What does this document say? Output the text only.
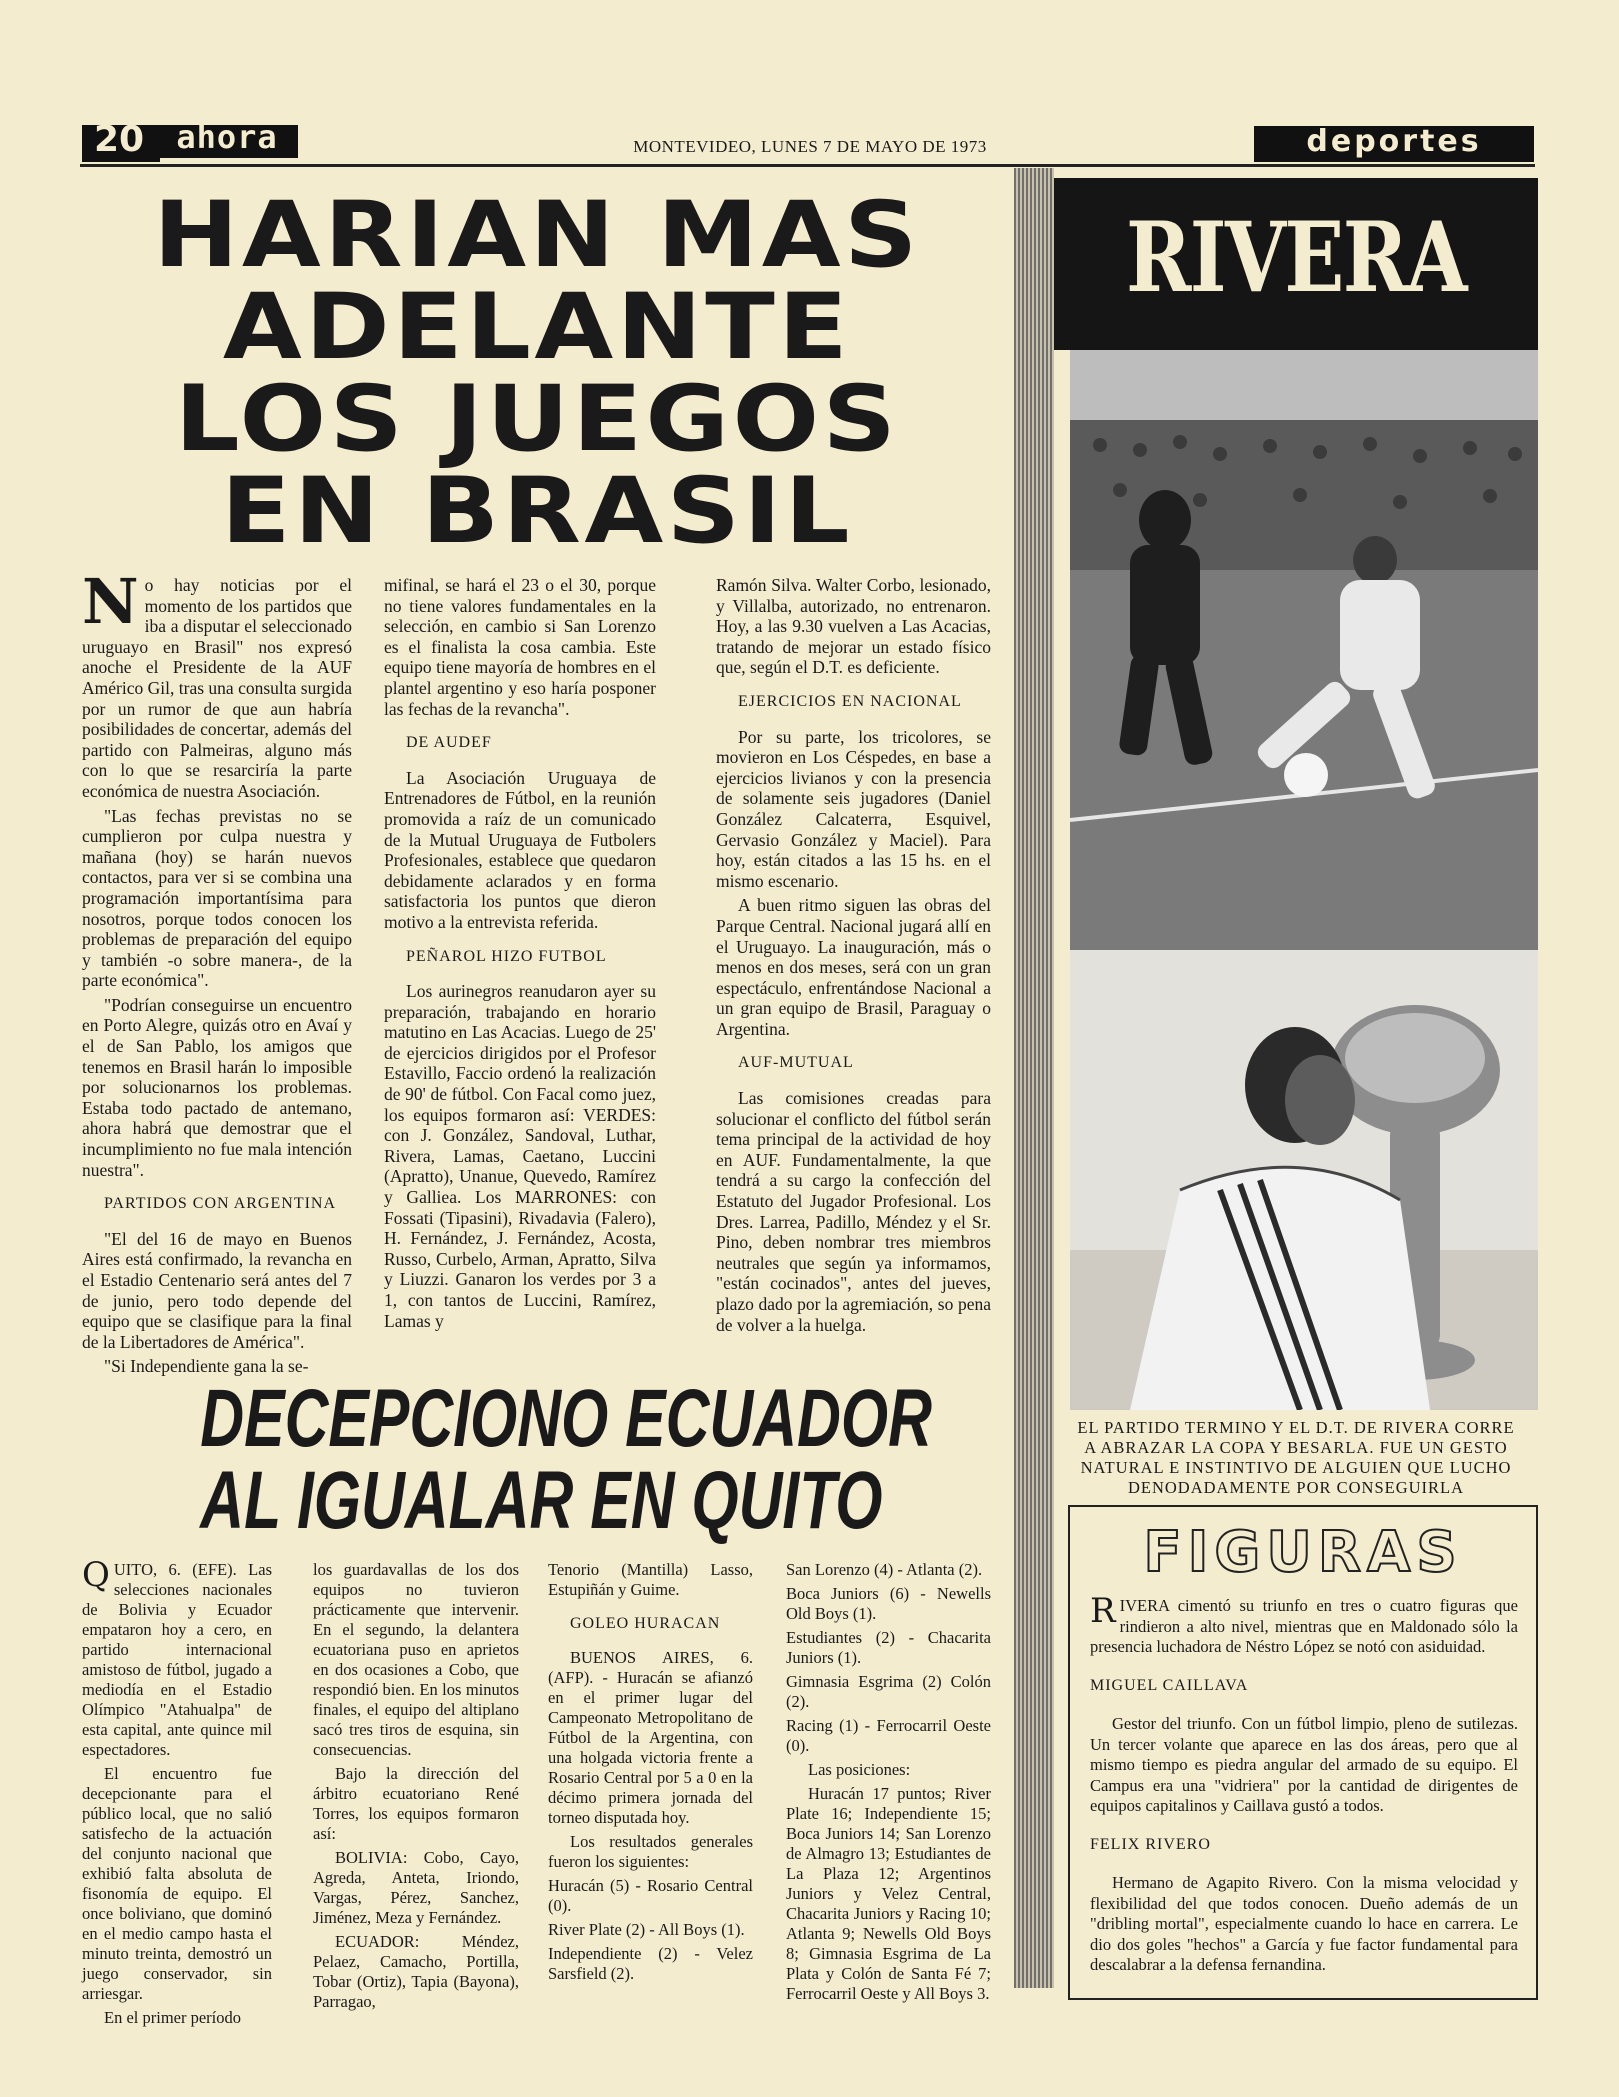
20	ahora	MONTEVIDEO, LUNES 7 DE MAYO DE 1973	deportes
HARIAN MAS
ADELANTE
LOS JUEGOS
EN BRASIL
N o hay noticias por el momento de los partidos que iba a disputar el seleccionado uruguayo en Brasil" nos expresó anoche el Presidente de la AUF Américo Gil, tras una consulta surgida por un rumor de que aun habría posibilidades de concertar, además del partido con Palmeiras, alguno más con lo que se resarciría la parte económica de nuestra Asociación.

"Las fechas previstas no se cumplieron por culpa nuestra y mañana (hoy) se harán nuevos contactos, para ver si se combina una programación importantísima para nosotros, porque todos conocen los problemas de preparación del equipo y también -o sobre manera-, de la parte económica".

"Podrían conseguirse un encuentro en Porto Alegre, quizás otro en Avaí y el de San Pablo, los amigos que tenemos en Brasil harán lo imposible por solucionarnos los problemas. Estaba todo pactado de antemano, ahora habrá que demostrar que el incumplimiento no fue mala intención nuestra".

PARTIDOS CON ARGENTINA

"El del 16 de mayo en Buenos Aires está confirmado, la revancha en el Estadio Centenario será antes del 7 de junio, pero todo depende del equipo que se clasifique para la final de la Libertadores de América".

"Si Independiente gana la se-

mifinal, se hará el 23 o el 30, porque no tiene valores fundamentales en la selección, en cambio si San Lorenzo es el finalista la cosa cambia. Este equipo tiene mayoría de hombres en el plantel argentino y eso haría posponer las fechas de la revancha".

DE AUDEF

La Asociación Uruguaya de Entrenadores de Fútbol, en la reunión promovida a raíz de un comunicado de la Mutual Uruguaya de Futbolers Profesionales, establece que quedaron debidamente aclarados y en forma satisfactoria los puntos que dieron motivo a la entrevista referida.

PEÑAROL HIZO FUTBOL

Los aurinegros reanudaron ayer su preparación, trabajando en horario matutino en Las Acacias. Luego de 25' de ejercicios dirigidos por el Profesor Estavillo, Faccio ordenó la realización de 90' de fútbol. Con Facal como juez, los equipos formaron así: VERDES: con J. González, Sandoval, Luthar, Rivera, Lamas, Caetano, Luccini (Apratto), Unanue, Quevedo, Ramírez y Galliea. Los MARRONES: con Fossati (Tipasini), Rivadavia (Falero), H. Fernández, J. Fernández, Acosta, Russo, Curbelo, Arman, Apratto, Silva y Liuzzi. Ganaron los verdes por 3 a 1, con tantos de Luccini, Ramírez, Lamas y

Ramón Silva. Walter Corbo, lesionado, y Villalba, autorizado, no entrenaron. Hoy, a las 9.30 vuelven a Las Acacias, tratando de mejorar un estado físico que, según el D.T. es deficiente.

EJERCICIOS EN NACIONAL

Por su parte, los tricolores, se movieron en Los Céspedes, en base a ejercicios livianos y con la presencia de solamente seis jugadores (Daniel González Calcaterra, Esquivel, Gervasio González y Maciel). Para hoy, están citados a las 15 hs. en el mismo escenario.

A buen ritmo siguen las obras del Parque Central. Nacional jugará allí en el Uruguayo. La inauguración, más o menos en dos meses, será con un gran espectáculo, enfrentándose Nacional a un gran equipo de Brasil, Paraguay o Argentina.

AUF-MUTUAL

Las comisiones creadas para solucionar el conflicto del fútbol serán tema principal de la actividad de hoy en AUF. Fundamentalmente, la que tendrá a su cargo la confección del Estatuto del Jugador Profesional. Los Dres. Larrea, Padillo, Méndez y el Sr. Pino, deben nombrar tres miembros neutrales que según ya informamos, "están cocinados", antes del jueves, plazo dado por la agremiación, so pena de volver a la huelga.

DECEPCIONO ECUADOR
AL IGUALAR EN QUITO
Q UITO, 6. (EFE). Las selecciones nacionales de Bolivia y Ecuador empataron hoy a cero, en partido internacional amistoso de fútbol, jugado a mediodía en el Estadio Olímpico "Atahualpa" de esta capital, ante quince mil espectadores.

El encuentro fue decepcionante para el público local, que no salió satisfecho de la actuación del conjunto nacional que exhibió falta absoluta de fisonomía de equipo. El once boliviano, que dominó en el medio campo hasta el minuto treinta, demostró un juego conservador, sin arriesgar.

En el primer período

los guardavallas de los dos equipos no tuvieron prácticamente que intervenir. En el segundo, la delantera ecuatoriana puso en aprietos en dos ocasiones a Cobo, que respondió bien. En los minutos finales, el equipo del altiplano sacó tres tiros de esquina, sin consecuencias.

Bajo la dirección del árbitro ecuatoriano René Torres, los equipos formaron así:

BOLIVIA: Cobo, Cayo, Agreda, Anteta, Iriondo, Vargas, Pérez, Sanchez, Jiménez, Meza y Fernández.

ECUADOR: Méndez, Pelaez, Camacho, Portilla, Tobar (Ortiz), Tapia (Bayona), Parragao,

Tenorio (Mantilla) Lasso, Estupiñán y Guime.

GOLEO HURACAN

BUENOS AIRES, 6. (AFP). - Huracán se afianzó en el primer lugar del Campeonato Metropolitano de Fútbol de la Argentina, con una holgada victoria frente a Rosario Central por 5 a 0 en la décimo primera jornada del torneo disputada hoy.

Los resultados generales fueron los siguientes:

Huracán (5) - Rosario Central (0).

River Plate (2) - All Boys (1).

Independiente (2) - Velez Sarsfield (2).

San Lorenzo (4) - Atlanta (2).

Boca Juniors (6) - Newells Old Boys (1).

Estudiantes (2) - Chacarita Juniors (1).

Gimnasia Esgrima (2) Colón (2).

Racing (1) - Ferrocarril Oeste (0).

Las posiciones:

Huracán 17 puntos; River Plate 16; Independiente 15; Boca Juniors 14; San Lorenzo de Almagro 13; Estudiantes de La Plaza 12; Argentinos Juniors y Velez Central, Chacarita Juniors y Racing 10; Atlanta 9; Newells Old Boys 8; Gimnasia Esgrima de La Plata y Colón de Santa Fé 7; Ferrocarril Oeste y All Boys 3.

RIVERA
EL PARTIDO TERMINO Y EL D.T. DE RIVERA CORRE
A ABRAZAR LA COPA Y BESARLA. FUE UN GESTO
NATURAL E INSTINTIVO DE ALGUIEN QUE LUCHO
DENODADAMENTE POR CONSEGUIRLA
FIGURAS
R IVERA cimentó su triunfo en tres o cuatro figuras que rindieron a alto nivel, mientras que en Maldonado sólo la presencia luchadora de Néstro López se notó con asiduidad.

MIGUEL CAILLAVA

Gestor del triunfo. Con un fútbol limpio, pleno de sutilezas. Un tercer volante que aparece en las dos áreas, pero que al mismo tiempo es piedra angular del armado de su equipo. El Campus era una "vidriera" por la cantidad de dirigentes de equipos capitalinos y Caillava gustó a todos.

FELIX RIVERO

Hermano de Agapito Rivero. Con la misma velocidad y flexibilidad del que todos conocen. Dueño además de un "dribling mortal", especialmente cuando lo hace en carrera. Le dio dos goles "hechos" a García y fue factor fundamental para descalabrar a la defensa fernandina.
